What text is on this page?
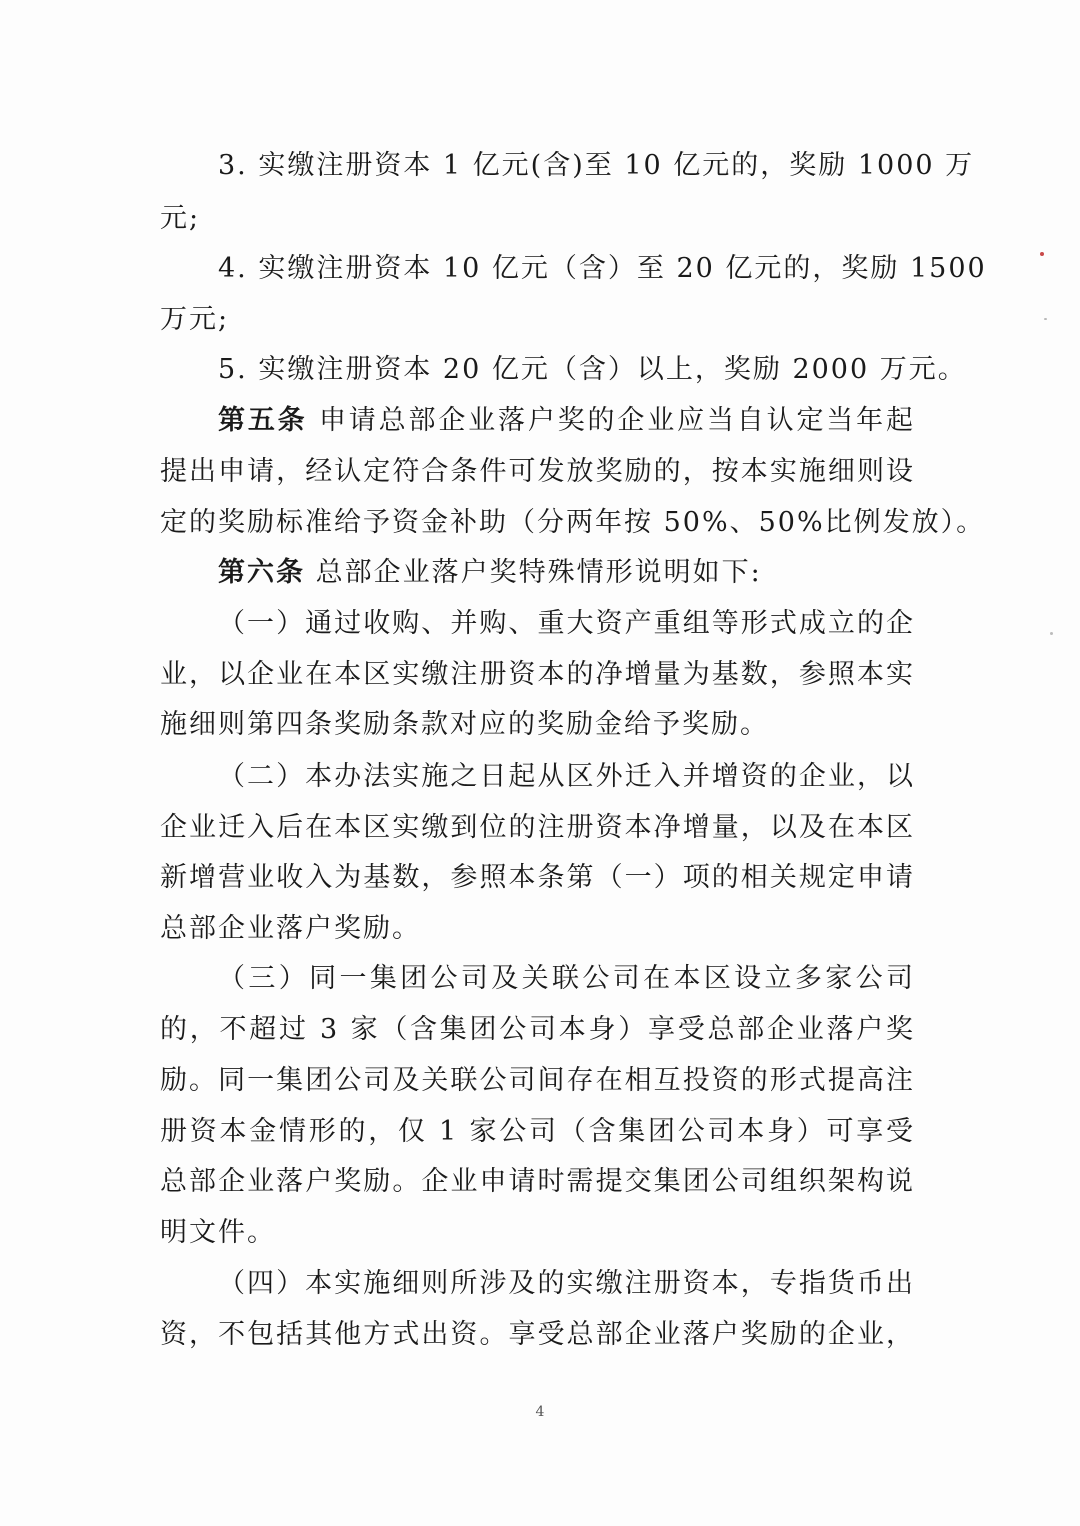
3. 实缴注册资本 1 亿元(含)至 10 亿元的，奖励 1000 万
元;
4. 实缴注册资本 10 亿元（含）至 20 亿元的，奖励 1500
万元;
5. 实缴注册资本 20 亿元（含）以上，奖励 2000 万元。
第五条 申请总部企业落户奖的企业应当自认定当年起
提出申请，经认定符合条件可发放奖励的，按本实施细则设
定的奖励标准给予资金补助（分两年按 50%、50%比例发放）。
第六条 总部企业落户奖特殊情形说明如下:
（一）通过收购、并购、重大资产重组等形式成立的企
业，以企业在本区实缴注册资本的净增量为基数，参照本实
施细则第四条奖励条款对应的奖励金给予奖励。
（二）本办法实施之日起从区外迁入并增资的企业，以
企业迁入后在本区实缴到位的注册资本净增量，以及在本区
新增营业收入为基数，参照本条第（一）项的相关规定申请
总部企业落户奖励。
（三）同一集团公司及关联公司在本区设立多家公司
的，不超过 3 家（含集团公司本身）享受总部企业落户奖
励。同一集团公司及关联公司间存在相互投资的形式提高注
册资本金情形的，仅 1 家公司（含集团公司本身）可享受
总部企业落户奖励。企业申请时需提交集团公司组织架构说
明文件。
（四）本实施细则所涉及的实缴注册资本，专指货币出
资，不包括其他方式出资。享受总部企业落户奖励的企业，
4
